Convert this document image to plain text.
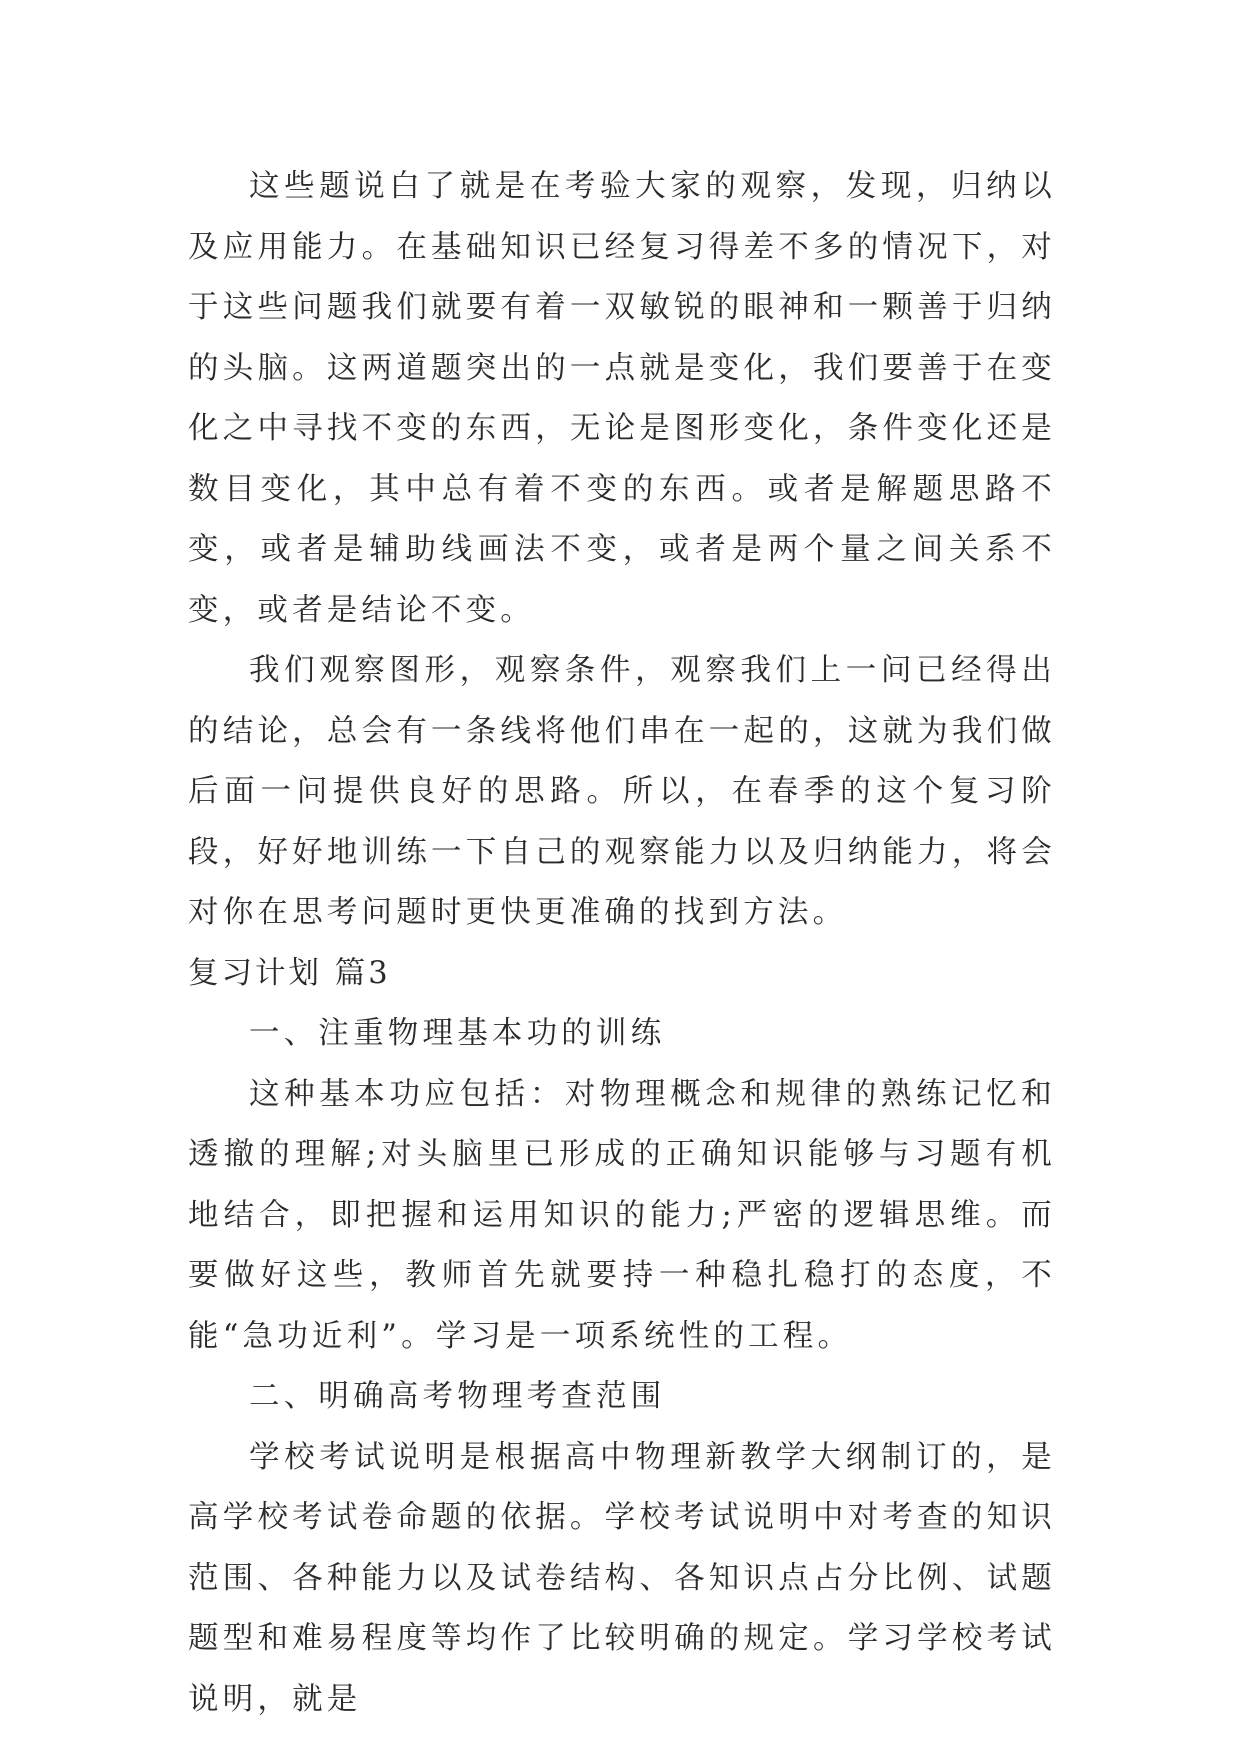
这些题说白了就是在考验大家的观察，发现，归纳以及应用能力。在基础知识已经复习得差不多的情况下，对于这些问题我们就要有着一双敏锐的眼神和一颗善于归纳的头脑。这两道题突出的一点就是变化，我们要善于在变化之中寻找不变的东西，无论是图形变化，条件变化还是数目变化，其中总有着不变的东西。或者是解题思路不变，或者是辅助线画法不变，或者是两个量之间关系不变，或者是结论不变。

我们观察图形，观察条件，观察我们上一问已经得出的结论，总会有一条线将他们串在一起的，这就为我们做后面一问提供良好的思路。所以，在春季的这个复习阶段，好好地训练一下自己的观察能力以及归纳能力，将会对你在思考问题时更快更准确的找到方法。

复习计划 篇3

一、注重物理基本功的训练

这种基本功应包括：对物理概念和规律的熟练记忆和透撤的理解;对头脑里已形成的正确知识能够与习题有机地结合，即把握和运用知识的能力;严密的逻辑思维。而要做好这些，教师首先就要持一种稳扎稳打的态度，不能“急功近利”。学习是一项系统性的工程。

二、明确高考物理考查范围

学校考试说明是根据高中物理新教学大纲制订的，是高学校考试卷命题的依据。学校考试说明中对考查的知识范围、各种能力以及试卷结构、各知识点占分比例、试题题型和难易程度等均作了比较明确的规定。学习学校考试说明，就是
